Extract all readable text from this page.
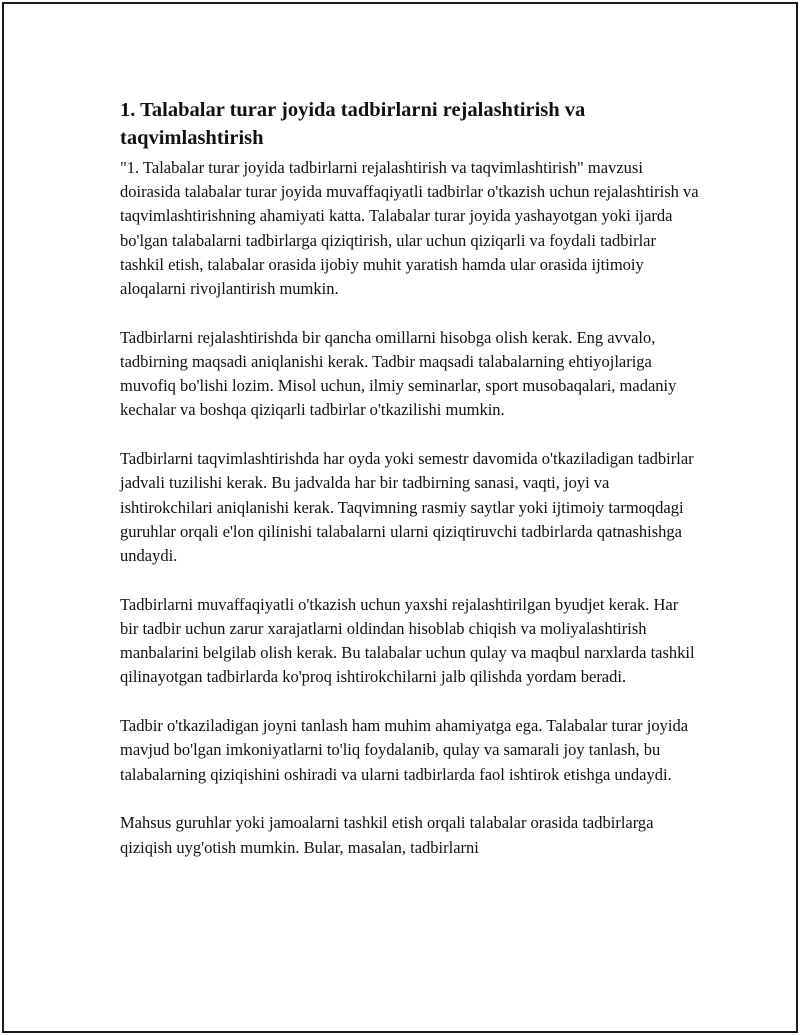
1. Talabalar turar joyida tadbirlarni rejalashtirish va taqvimlashtirish

"1. Talabalar turar joyida tadbirlarni rejalashtirish va taqvimlashtirish" mavzusi doirasida talabalar turar joyida muvaffaqiyatli tadbirlar o'tkazish uchun rejalashtirish va taqvimlashtirishning ahamiyati katta. Talabalar turar joyida yashayotgan yoki ijarda bo'lgan talabalarni tadbirlarga qiziqtirish, ular uchun qiziqarli va foydali tadbirlar tashkil etish, talabalar orasida ijobiy muhit yaratish hamda ular orasida ijtimoiy aloqalarni rivojlantirish mumkin.

Tadbirlarni rejalashtirishda bir qancha omillarni hisobga olish kerak. Eng avvalo, tadbirning maqsadi aniqlanishi kerak. Tadbir maqsadi talabalarning ehtiyojlariga muvofiq bo'lishi lozim. Misol uchun, ilmiy seminarlar, sport musobaqalari, madaniy kechalar va boshqa qiziqarli tadbirlar o'tkazilishi mumkin.

Tadbirlarni taqvimlashtirishda har oyda yoki semestr davomida o'tkaziladigan tadbirlar jadvali tuzilishi kerak. Bu jadvalda har bir tadbirning sanasi, vaqti, joyi va ishtirokchilari aniqlanishi kerak. Taqvimning rasmiy saytlar yoki ijtimoiy tarmoqdagi guruhlar orqali e'lon qilinishi talabalarni ularni qiziqtiruvchi tadbirlarda qatnashishga undaydi.

Tadbirlarni muvaffaqiyatli o'tkazish uchun yaxshi rejalashtirilgan byudjet kerak. Har bir tadbir uchun zarur xarajatlarni oldindan hisoblab chiqish va moliyalashtirish manbalarini belgilab olish kerak. Bu talabalar uchun qulay va maqbul narxlarda tashkil qilinayotgan tadbirlarda ko'proq ishtirokchilarni jalb qilishda yordam beradi.

Tadbir o'tkaziladigan joyni tanlash ham muhim ahamiyatga ega. Talabalar turar joyida mavjud bo'lgan imkoniyatlarni to'liq foydalanib, qulay va samarali joy tanlash, bu talabalarning qiziqishini oshiradi va ularni tadbirlarda faol ishtirok etishga undaydi.

Mahsus guruhlar yoki jamoalarni tashkil etish orqali talabalar orasida tadbirlarga qiziqish uyg'otish mumkin. Bular, masalan, tadbirlarni
